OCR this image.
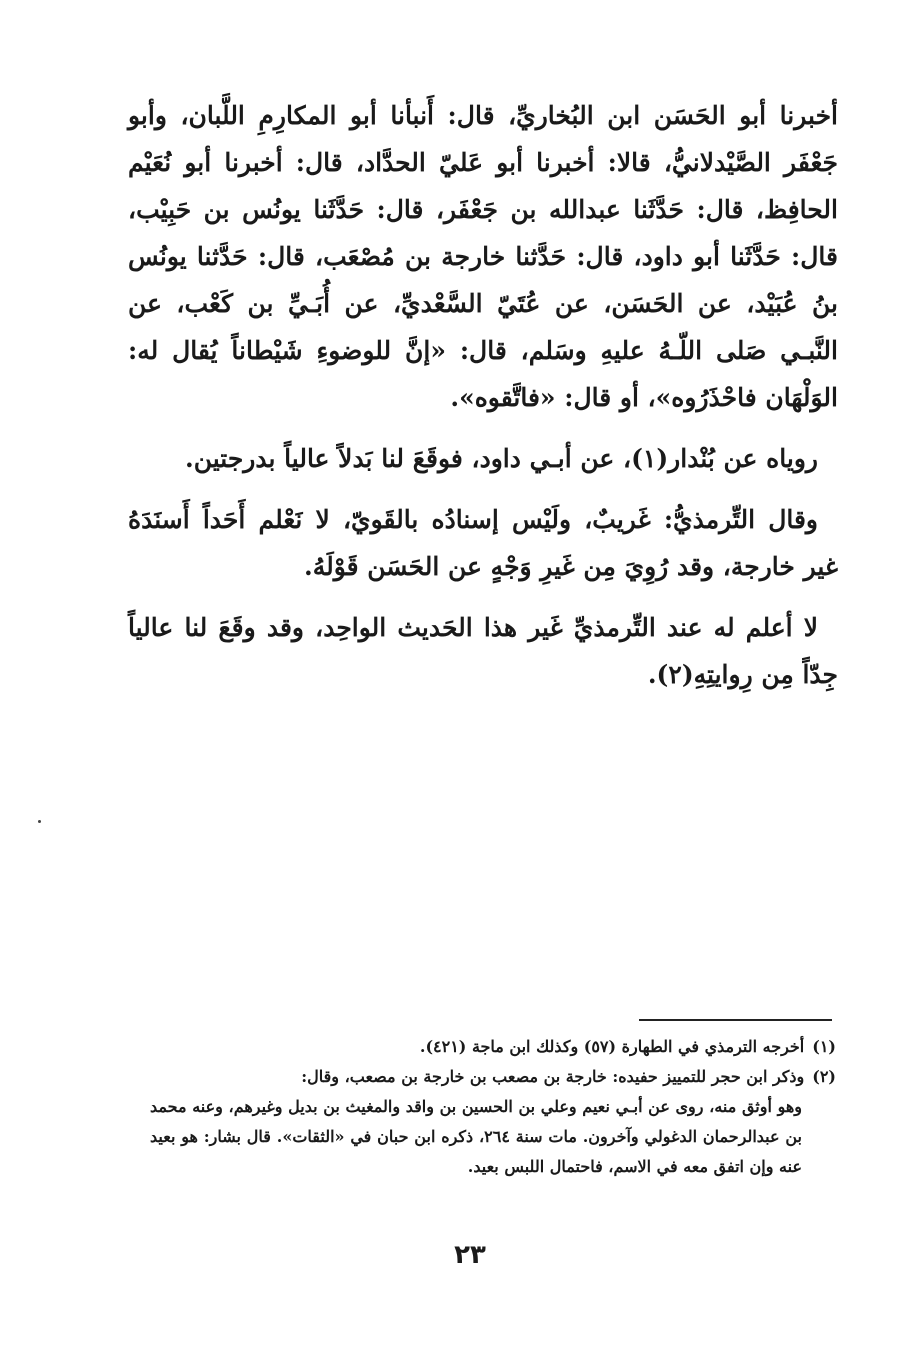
أخبرنا أبو الحَسَن ابن البُخاريِّ، قال: أَنبأنا أبو المكارِمِ اللَّبان، وأبو جَعْفَر الصَّيْدلانيُّ، قالا: أخبرنا أبو عَليّ الحدَّاد، قال: أخبرنا أبو نُعَيْم الحافِظ، قال: حَدَّثَنا عبدالله بن جَعْفَر، قال: حَدَّثَنا يونُس بن حَبِيْب، قال: حَدَّثَنا أبو داود، قال: حَدَّثنا خارجة بن مُصْعَب، قال: حَدَّثنا يونُس بنُ عُبَيْد، عن الحَسَن، عن عُتَيّ السَّعْديِّ، عن أُبَـيِّ بن كَعْب، عن النَّبـي صَلى اللّـهُ عليهِ وسَلم، قال: «إنَّ للوضوءِ شَيْطاناً يُقال له: الوَلْهَان فاحْذَرُوه»، أو قال: «فاتَّقوه».

روياه عن بُنْدار(١)، عن أبـي داود، فوقَعَ لنا بَدلاً عالياً بدرجتين.

وقال التِّرمذيُّ: غَريبٌ، ولَيْس إسنادُه بالقَويّ، لا نَعْلم أَحَداً أَسنَدَهُ غير خارجة، وقد رُوِيَ مِن غَيرِ وَجْهٍ عن الحَسَن قَوْلَهُ.

لا أعلم له عند التِّرمذيِّ غَير هذا الحَديث الواحِد، وقد وقَعَ لنا عالياً جِدّاً مِن رِوايتِهِ(٢).

(١)أخرجه الترمذي في الطهارة (٥٧) وكذلك ابن ماجة (٤٢١).

(٢)وذكر ابن حجر للتمييز حفيده: خارجة بن مصعب بن خارجة بن مصعب، وقال:

وهو أوثق منه، روى عن أبـي نعيم وعلي بن الحسين بن واقد والمغيث بن بديل وغيرهم، وعنه محمد بن عبدالرحمان الدغولي وآخرون. مات سنة ٢٦٤، ذكره ابن حبان في «الثقات». قال بشار: هو بعيد عنه وإن اتفق معه في الاسم، فاحتمال اللبس بعيد.

٢٣
